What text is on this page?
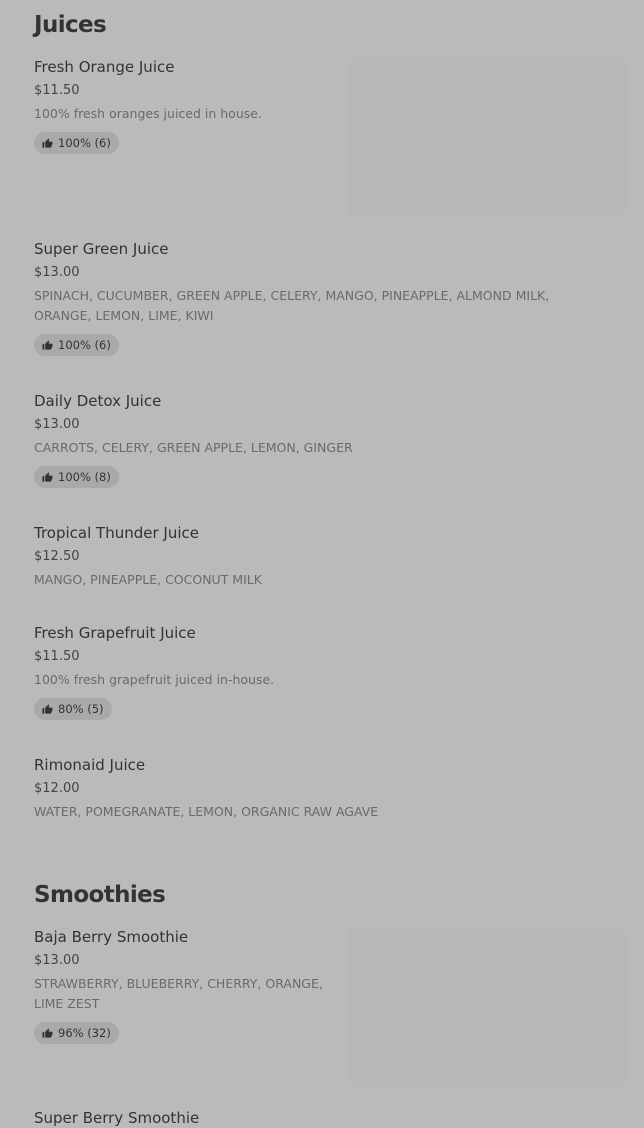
Juices
Fresh Orange Juice
$11.50
100% fresh oranges juiced in house.
100% (6)
Super Green Juice
$13.00
SPINACH, CUCUMBER, GREEN APPLE, CELERY, MANGO, PINEAPPLE, ALMOND MILK, ORANGE, LEMON, LIME, KIWI
100% (6)
Daily Detox Juice
$13.00
CARROTS, CELERY, GREEN APPLE, LEMON, GINGER
100% (8)
Tropical Thunder Juice
$12.50
MANGO, PINEAPPLE, COCONUT MILK
Fresh Grapefruit Juice
$11.50
100% fresh grapefruit juiced in-house.
80% (5)
Rimonaid Juice
$12.00
WATER, POMEGRANATE, LEMON, ORGANIC RAW AGAVE
Smoothies
Baja Berry Smoothie
$13.00
STRAWBERRY, BLUEBERRY, CHERRY, ORANGE, LIME ZEST
96% (32)
Super Berry Smoothie
